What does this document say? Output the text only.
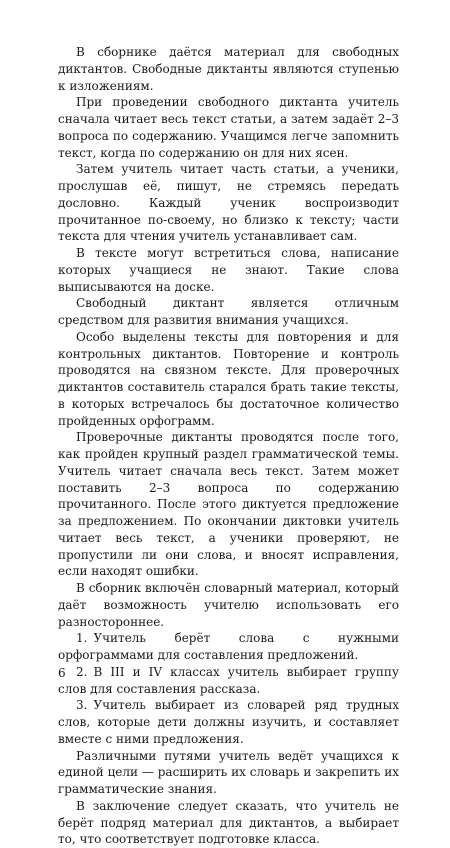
В сборнике даётся материал для свободных диктантов. Свободные диктанты являются ступенью к изложениям.

При проведении свободного диктанта учитель сначала читает весь текст статьи, а затем задаёт 2–3 вопроса по содержанию. Учащимся легче запомнить текст, когда по содержанию он для них ясен.

Затем учитель читает часть статьи, а ученики, прослушав её, пишут, не стремясь передать дословно. Каждый ученик воспроизводит прочитанное по-своему, но близко к тексту; части текста для чтения учитель устанавливает сам.

В тексте могут встретиться слова, написание которых учащиеся не знают. Такие слова выписываются на доске.

Свободный диктант является отличным средством для развития внимания учащихся.

Особо выделены тексты для повторения и для контрольных диктантов. Повторение и контроль проводятся на связном тексте. Для проверочных диктантов составитель старался брать такие тексты, в которых встречалось бы достаточное количество пройденных орфограмм.

Проверочные диктанты проводятся после того, как пройден крупный раздел грамматической темы. Учитель читает сначала весь текст. Затем может поставить 2–3 вопроса по содержанию прочитанного. После этого диктуется предложение за предложением. По окончании диктовки учитель читает весь текст, а ученики проверяют, не пропустили ли они слова, и вносят исправления, если находят ошибки.

В сборник включён словарный материал, который даёт возможность учителю использовать его разностороннее.

1. Учитель берёт слова с нужными орфограммами для составления предложений.

2. В III и IV классах учитель выбирает группу слов для составления рассказа.

3. Учитель выбирает из словарей ряд трудных слов, которые дети должны изучить, и составляет вместе с ними предложения.

Различными путями учитель ведёт учащихся к единой цели — расширить их словарь и закрепить их грамматические знания.

В заключение следует сказать, что учитель не берёт подряд материал для диктантов, а выбирает то, что соответствует подготовке класса.

6
